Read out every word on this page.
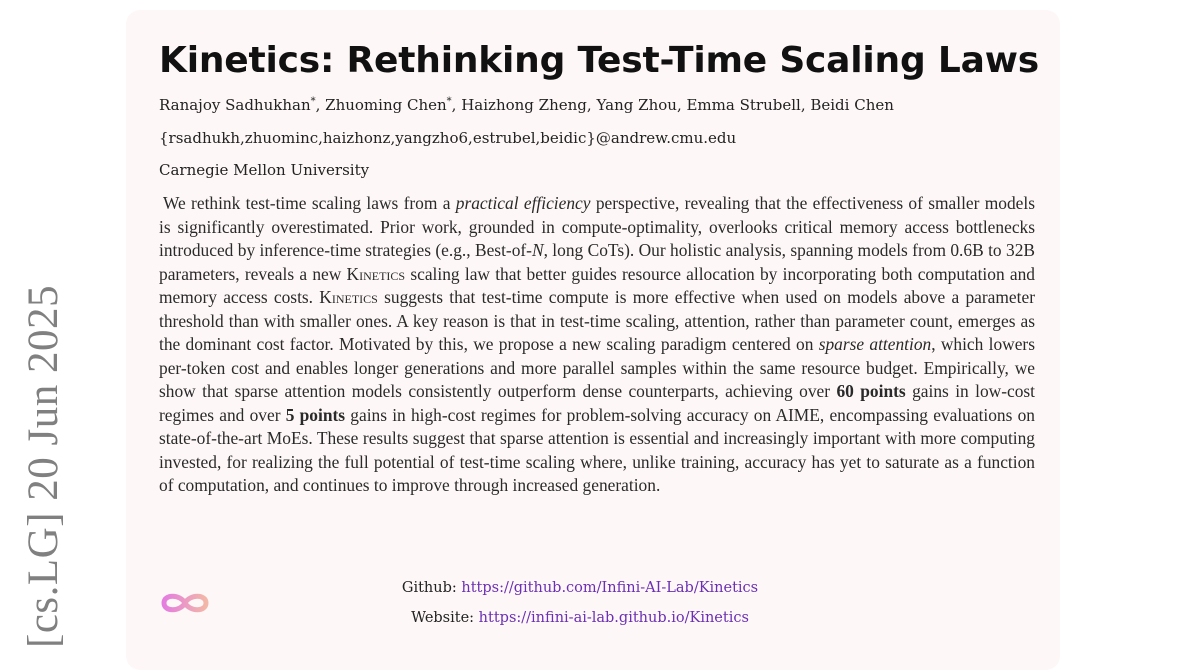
[cs.LG] 20 Jun 2025
Kinetics: Rethinking Test-Time Scaling Laws
Ranajoy Sadhukhan*, Zhuoming Chen*, Haizhong Zheng, Yang Zhou, Emma Strubell, Beidi Chen
{rsadhukh,zhuominc,haizhonz,yangzho6,estrubel,beidic}@andrew.cmu.edu
Carnegie Mellon University

We rethink test-time scaling laws from a practical efficiency perspective, revealing that the effectiveness of smaller models is significantly overestimated. Prior work, grounded in compute-optimality, overlooks critical memory access bottlenecks introduced by inference-time strategies (e.g., Best-of-N, long CoTs). Our holistic analysis, spanning models from 0.6B to 32B parameters, reveals a new Kinetics scaling law that better guides resource allocation by incorporating both computation and memory access costs. Kinetics suggests that test-time compute is more effective when used on models above a parameter threshold than with smaller ones. A key reason is that in test-time scaling, attention, rather than parameter count, emerges as the dominant cost factor. Motivated by this, we propose a new scaling paradigm centered on sparse attention, which lowers per-token cost and enables longer generations and more parallel samples within the same resource budget. Empirically, we show that sparse attention models consistently outperform dense counterparts, achieving over 60 points gains in low-cost regimes and over 5 points gains in high-cost regimes for problem-solving accuracy on AIME, encompassing evaluations on state-of-the-art MoEs. These results suggest that sparse attention is essential and increasingly important with more computing invested, for realizing the full potential of test-time scaling where, unlike training, accuracy has yet to saturate as a function of computation, and continues to improve through increased generation.

Github: https://github.com/Infini-AI-Lab/Kinetics
Website: https://infini-ai-lab.github.io/Kinetics
